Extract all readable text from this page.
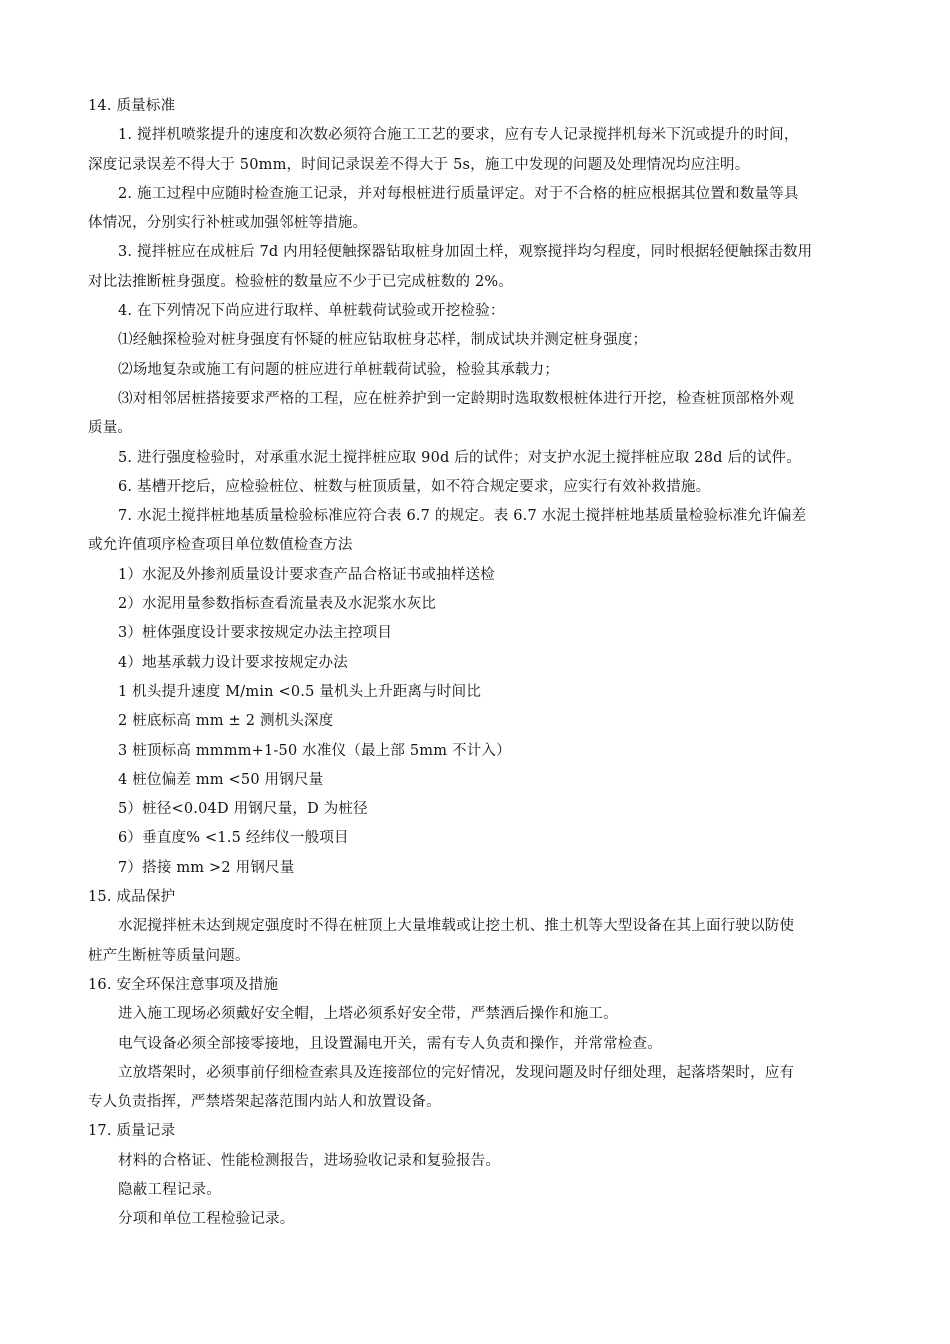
14. 质量标准
1. 搅拌机喷浆提升的速度和次数必须符合施工工艺的要求，应有专人记录搅拌机每米下沉或提升的时间，
深度记录误差不得大于 50mm，时间记录误差不得大于 5s，施工中发现的问题及处理情况均应注明。
2. 施工过程中应随时检查施工记录，并对每根桩进行质量评定。对于不合格的桩应根据其位置和数量等具
体情况，分别实行补桩或加强邻桩等措施。
3. 搅拌桩应在成桩后 7d 内用轻便触探器钻取桩身加固土样，观察搅拌均匀程度，同时根据轻便触探击数用
对比法推断桩身强度。检验桩的数量应不少于已完成桩数的 2%。
4. 在下列情况下尚应进行取样、单桩载荷试验或开挖检验：
⑴经触探检验对桩身强度有怀疑的桩应钻取桩身芯样，制成试块并测定桩身强度；
⑵场地复杂或施工有问题的桩应进行单桩载荷试验，检验其承载力；
⑶对相邻居桩搭接要求严格的工程，应在桩养护到一定龄期时选取数根桩体进行开挖，检查桩顶部格外观
质量。
5. 进行强度检验时，对承重水泥土搅拌桩应取 90d 后的试件；对支护水泥土搅拌桩应取 28d 后的试件。
6. 基槽开挖后，应检验桩位、桩数与桩顶质量，如不符合规定要求，应实行有效补救措施。
7. 水泥土搅拌桩地基质量检验标准应符合表 6.7 的规定。表 6.7 水泥土搅拌桩地基质量检验标准允许偏差
或允许值项序检查项目单位数值检查方法
1）水泥及外掺剂质量设计要求查产品合格证书或抽样送检
2）水泥用量参数指标查看流量表及水泥浆水灰比
3）桩体强度设计要求按规定办法主控项目
4）地基承载力设计要求按规定办法
1 机头提升速度 M/min <0.5 量机头上升距离与时间比
2 桩底标高 mm ± 2 测机头深度
3 桩顶标高 mmmm+1-50 水准仪（最上部 5mm 不计入）
4 桩位偏差 mm <50 用钢尺量
5）桩径<0.04D 用钢尺量，D 为桩径
6）垂直度% <1.5 经纬仪一般项目
7）搭接 mm >2 用钢尺量
15. 成品保护
水泥搅拌桩未达到规定强度时不得在桩顶上大量堆载或让挖土机、推土机等大型设备在其上面行驶以防使
桩产生断桩等质量问题。
16. 安全环保注意事项及措施
进入施工现场必须戴好安全帽，上塔必须系好安全带，严禁酒后操作和施工。
电气设备必须全部接零接地，且设置漏电开关，需有专人负责和操作，并常常检查。
立放塔架时，必须事前仔细检查索具及连接部位的完好情况，发现问题及时仔细处理，起落塔架时，应有
专人负责指挥，严禁塔架起落范围内站人和放置设备。
17. 质量记录
材料的合格证、性能检测报告，进场验收记录和复验报告。
隐蔽工程记录。
分项和单位工程检验记录。
